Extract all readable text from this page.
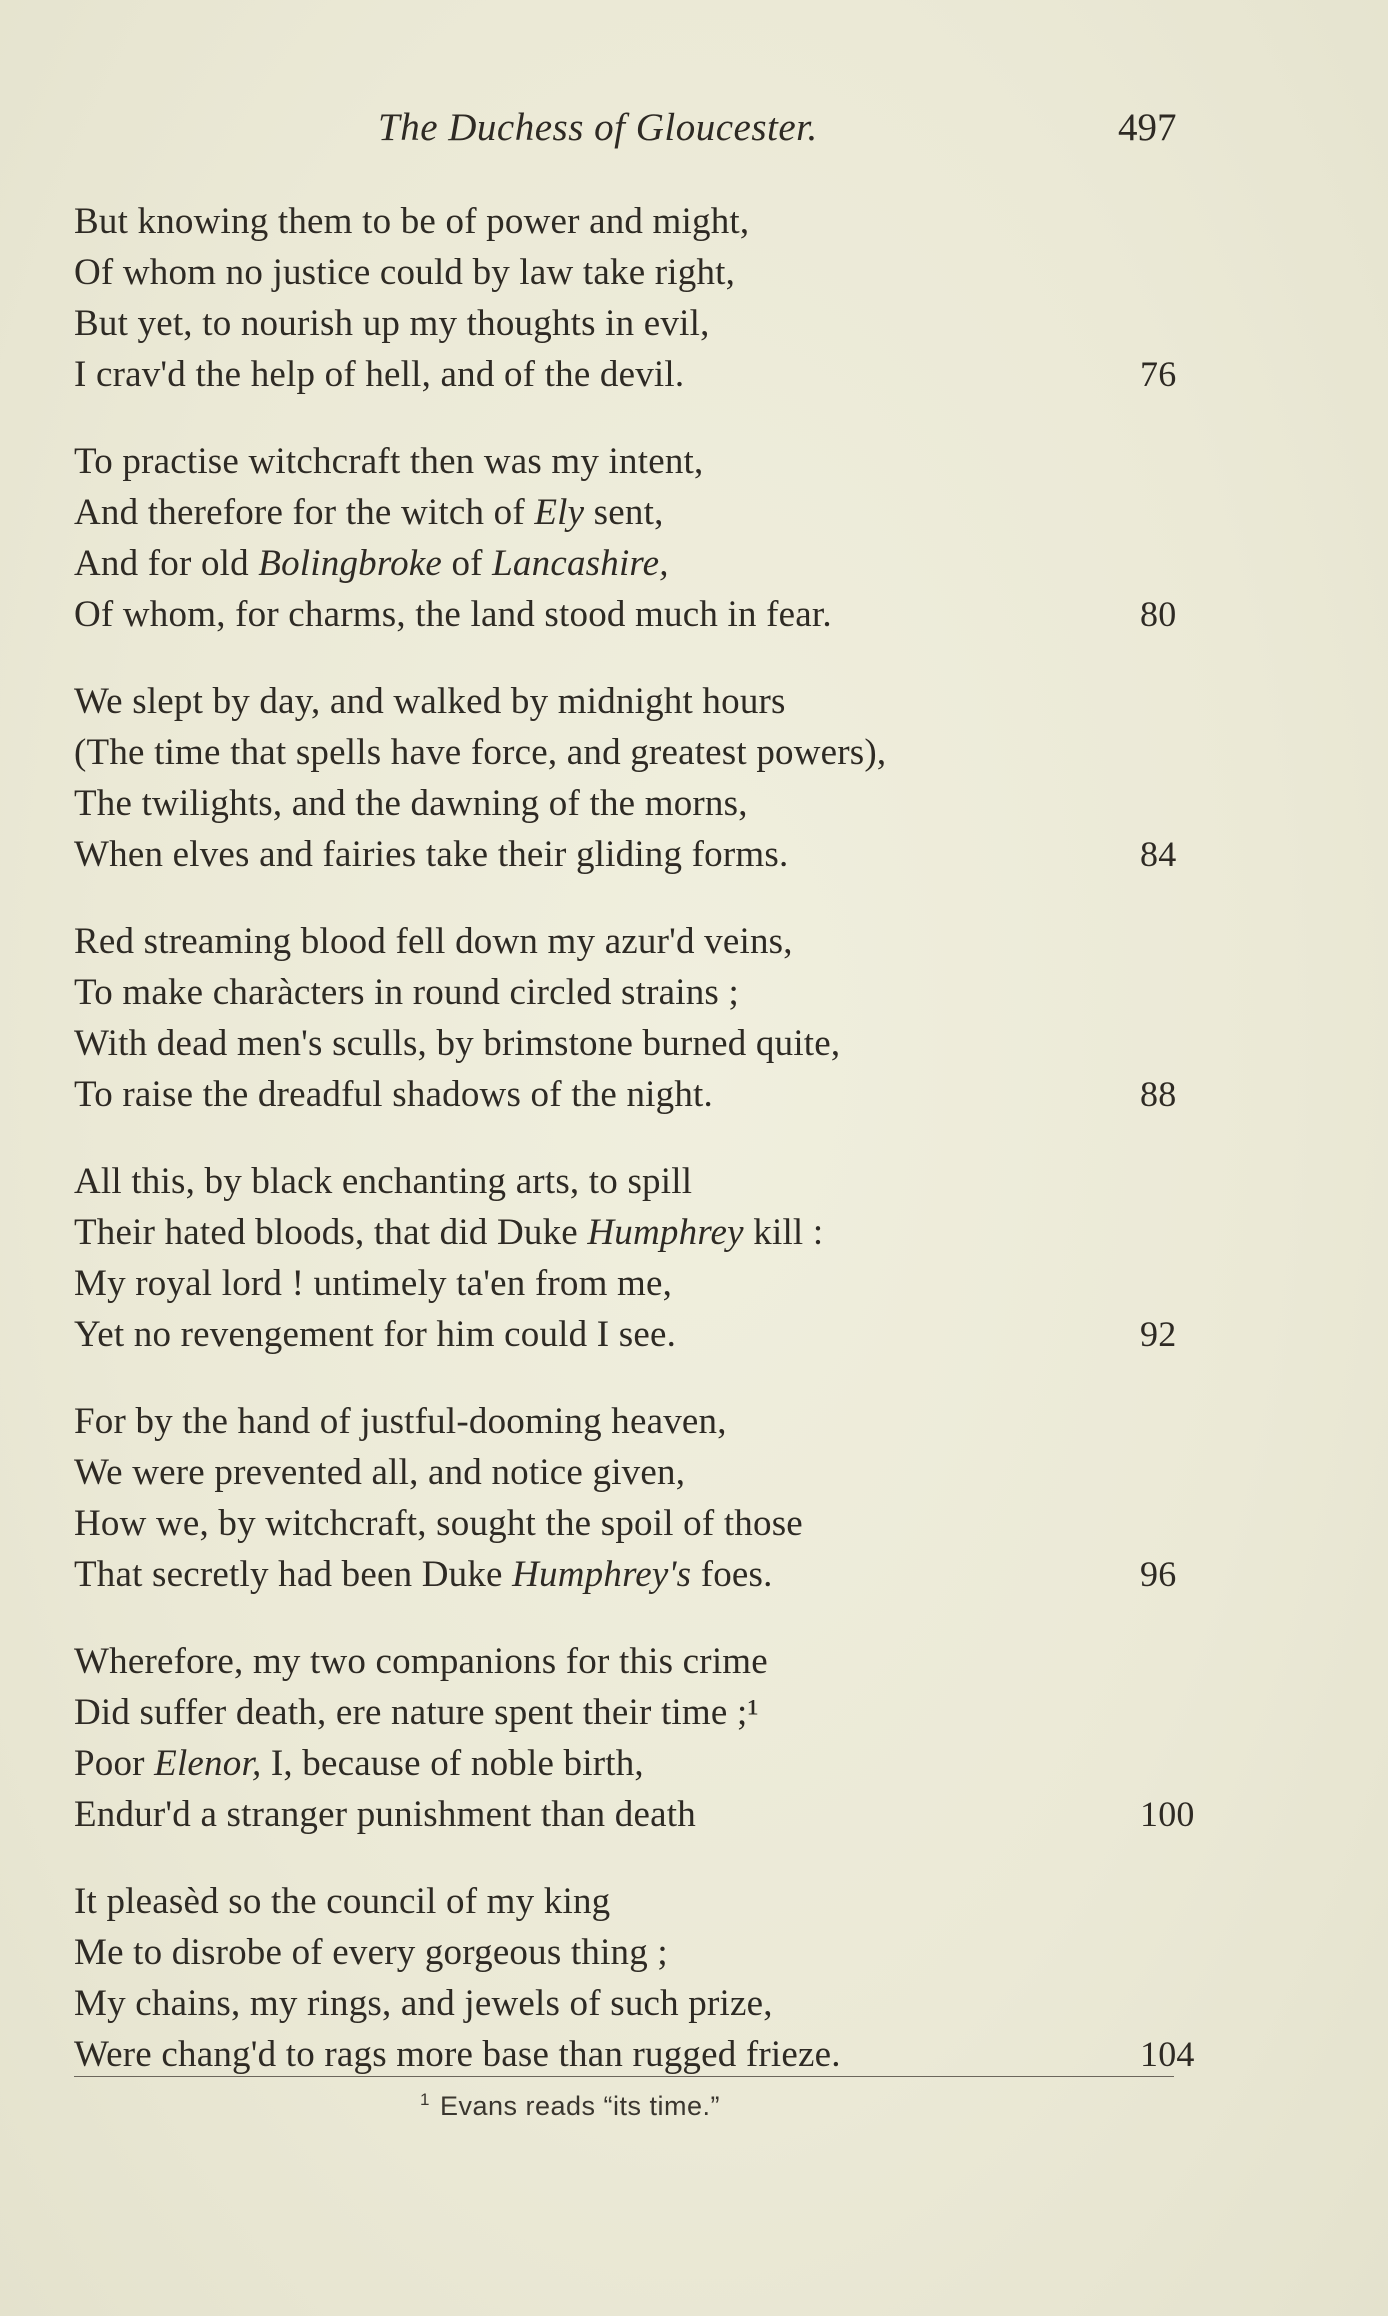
The Duchess of Gloucester.	497
But knowing them to be of power and might,
Of whom no justice could by law take right,
But yet, to nourish up my thoughts in evil,
I crav'd the help of hell, and of the devil.	76
To practise witchcraft then was my intent,
And therefore for the witch of Ely sent,
And for old Bolingbroke of Lancashire,
Of whom, for charms, the land stood much in fear.	80
We slept by day, and walked by midnight hours
(The time that spells have force, and greatest powers),
The twilights, and the dawning of the morns,
When elves and fairies take their gliding forms.	84
Red streaming blood fell down my azur'd veins,
To make charàcters in round circled strains ;
With dead men's sculls, by brimstone burned quite,
To raise the dreadful shadows of the night.	88
All this, by black enchanting arts, to spill
Their hated bloods, that did Duke Humphrey kill :
My royal lord ! untimely ta'en from me,
Yet no revengement for him could I see.	92
For by the hand of justful-dooming heaven,
We were prevented all, and notice given,
How we, by witchcraft, sought the spoil of those
That secretly had been Duke Humphrey's foes.	96
Wherefore, my two companions for this crime
Did suffer death, ere nature spent their time ;¹
Poor Elenor, I, because of noble birth,
Endur'd a stranger punishment than death	100
It pleasèd so the council of my king
Me to disrobe of every gorgeous thing ;
My chains, my rings, and jewels of such prize,
Were chang'd to rags more base than rugged frieze.	104
$^1$ Evans reads “its time.”
